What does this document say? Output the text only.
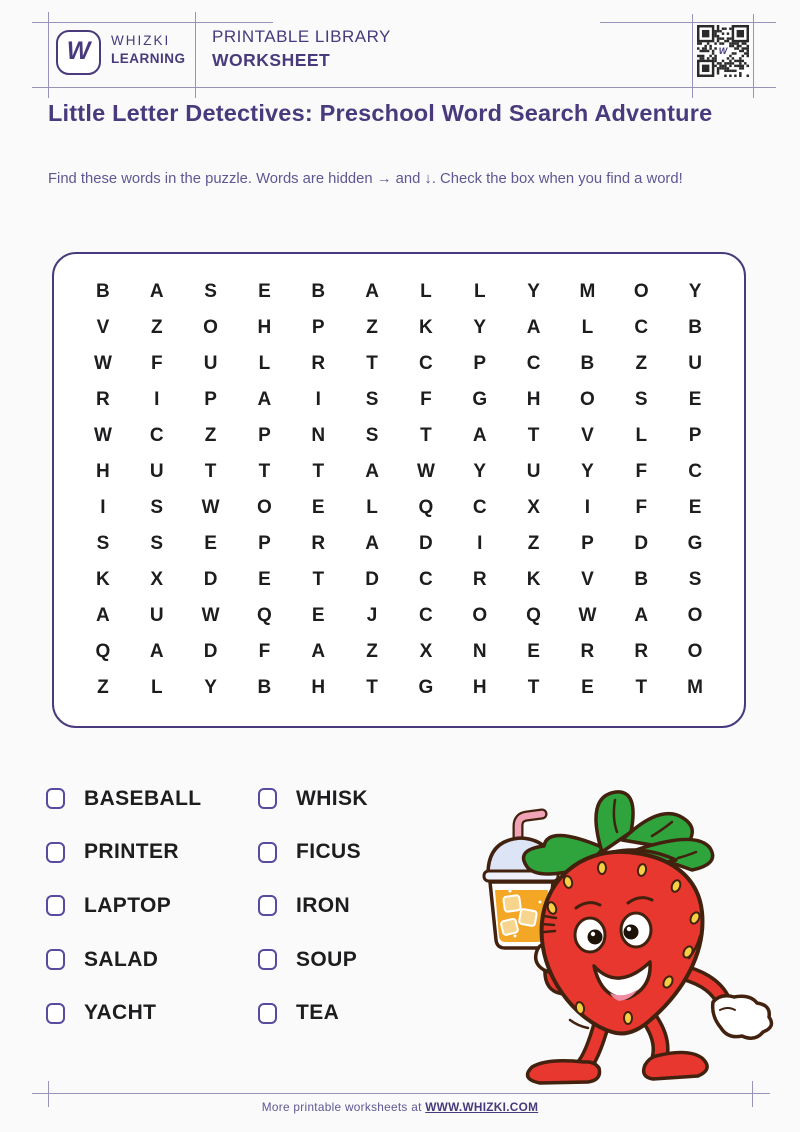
W WHIZKI
LEARNING
PRINTABLE LIBRARY
WORKSHEET	W
Little Letter Detectives: Preschool Word Search Adventure

Find these words in the puzzle. Words are hidden → and ↓. Check the box when you find a word!

B	A	S	E	B	A	L	L	Y	M	O	Y
V	Z	O	H	P	Z	K	Y	A	L	C	B
W	F	U	L	R	T	C	P	C	B	Z	U
R	I	P	A	I	S	F	G	H	O	S	E
W	C	Z	P	N	S	T	A	T	V	L	P
H	U	T	T	T	A	W	Y	U	Y	F	C
I	S	W	O	E	L	Q	C	X	I	F	E
S	S	E	P	R	A	D	I	Z	P	D	G
K	X	D	E	T	D	C	R	K	V	B	S
A	U	W	Q	E	J	C	O	Q	W	A	O
Q	A	D	F	A	Z	X	N	E	R	R	O
Z	L	Y	B	H	T	G	H	T	E	T	M
BASEBALL
PRINTER
LAPTOP
SALAD
YACHT
WHISK
FICUS
IRON
SOUP
TEA
More printable worksheets at WWW.WHIZKI.COM
